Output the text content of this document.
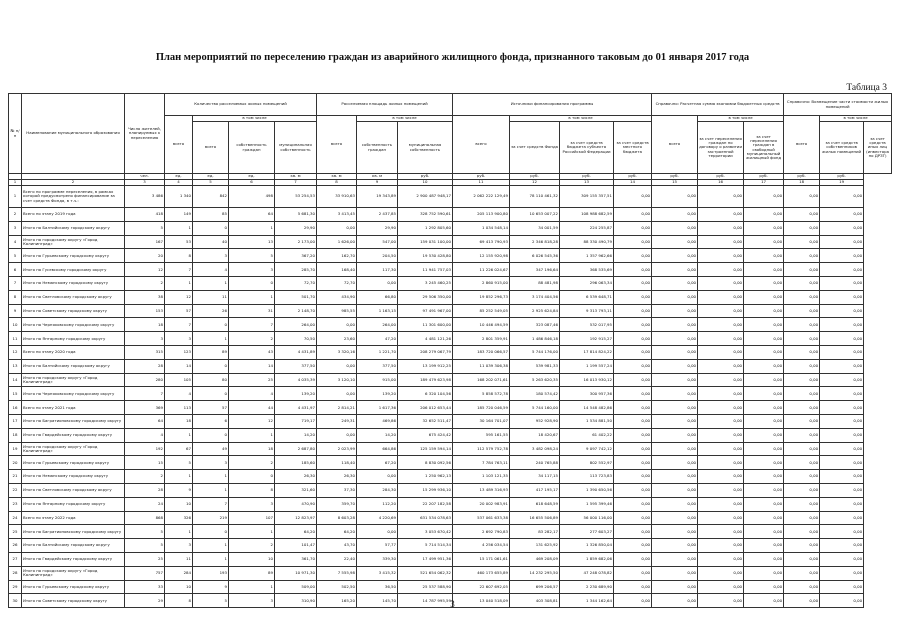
План мероприятий по переселению граждан из аварийного жилищного фонда, признанного таковым до 01 января 2017 года
Таблица 3
№ п/п	Наименование муниципального образования	Число жителей, планируемых к переселению	Количество расселяемых жилых помещений				Расселяемая площадь жилых помещений			Источники финансирования программы				Справочно: Расчетная сумма экономии бюджетных средств			Справочно: Возмещение части стоимости жилых помещений		
			всего	в том числе			всего	в том числе		всего	в том числе			всего	в том числе		всего	в том числе	
				всего	собственность граждан	муниципальная собственность		собственность граждан	муниципальная собственность		за счет средств Фонда	за счет средств бюджета субъекта Российской Федерации	за счет средств местного бюджета		за счет переселения граждан по договору о развитии застроенной территории	за счет переселения граждан в свободный муниципальный жилищный фонд		за счет средств собственников жилых помещений	за счет средств иных лиц (инвестора по ДРЗТ)
		чел.	ед.	ед.	ед.	кв. м	кв. м	кв. м	руб.	руб.	руб.	руб.	руб.	руб.	руб.	руб.	руб.	руб.	
1	2	3	4	5	6	7	8	9	10	11	12	13	14	15	16	17	18	19	
1	Всего по программе переселения, в рамках которой предусмотрено финансирование за счет средств Фонда, в т.ч.:	3 486	1 340	842	498	53 254,53	33 910,63	19 343,89	2 900 487 948,17	2 062 222 129,49	78 110 461,32	309 155 357,51	0,00	0,00	0,00	0,00	0,00	0,00	
2	Всего по этапу 2019 года	418	149	85	64	5 681,30	3 413,45	2 437,85	328 752 590,61	205 113 900,80	10 653 007,22	108 988 682,59	0,00	0,00	0,00	0,00	0,00	0,00	
3	Итого по Балтийскому городскому округу	5	1	0	1	29,90	0,00	29,90	1 292 805,60	1 034 548,14	34 001,59	224 255,87	0,00	0,00	0,00	0,00	0,00	0,00	
4	Итого по городскому округу «Город Калининград»	167	53	40	13	2 173,00	1 626,00	547,00	159 031 100,00	69 413 790,93	2 346 818,28	88 330 490,79	0,00	0,00	0,00	0,00	0,00	0,00	
5	Итого по Гурьевскому городскому округу	20	8	3	5	367,20	162,70	204,50	19 530 428,80	12 155 920,98	6 026 545,36	1 357 962,66	0,00	0,00	0,00	0,00	0,00	0,00	
6	Итого по Гусевскому городскому округу	12	7	4	3	285,70	168,40	117,30	11 941 757,03	11 226 024,67	347 196,64	368 535,69	0,00	0,00	0,00	0,00	0,00	0,00	
7	Итого по Неманскому городскому округу	2	1	1	0	72,70	72,70	0,00	3 245 460,25	2 860 915,00	88 481,98	296 063,34	0,00	0,00	0,00	0,00	0,00	0,00	
8	Итого по Светловскому городскому округу	38	12	11	1	501,70	434,90	66,80	29 506 350,00	19 852 296,73	3 174 404,56	6 539 648,71	0,00	0,00	0,00	0,00	0,00	0,00	
9	Итого по Советскому городскому округу	153	57	26	31	2 148,70	985,55	1 163,15	97 491 967,00	85 252 549,05	2 925 624,84	9 313 793,11	0,00	0,00	0,00	0,00	0,00	0,00	
10	Итого по Черняховскому городскому округу	18	7	0	7	264,00	0,00	264,00	11 301 600,00	10 446 494,59	323 087,46	532 017,95	0,00	0,00	0,00	0,00	0,00	0,00	
11	Итого по Янтарному городскому округу	3	3	1	2	70,50	23,60	47,20	4 481 121,26	2 801 359,91	1 486 846,18	192 915,27	0,00	0,00	0,00	0,00	0,00	0,00	
12	Всего по этапу 2020 года	315	123	89	43	4 431,89	3 320,16	1 221,70	208 279 067,79	183 720 066,57	5 744 176,00	17 814 824,22	0,00	0,00	0,00	0,00	0,00	0,00	
13	Итого по Балтийскому городскому округу	28	14	0	14	377,50	0,00	377,50	13 199 912,25	11 039 306,38	539 981,33	1 199 557,24	0,00	0,00	0,00	0,00	0,00	0,00	
14	Итого по городскому округу «Город Калининград»	280	105	80	25	4 035,39	3 120,10	915,00	189 479 623,98	168 202 071,61	5 263 620,35	16 013 930,12	0,00	0,00	0,00	0,00	0,00	0,00	
15	Итого по Черняховскому городскому округу	7	4	0	4	139,20	0,00	139,20	6 320 104,56	5 858 572,78	180 574,42	300 957,36	0,00	0,00	0,00	0,00	0,00	0,00	
16	Всего по этапу 2021 года	369	113	57	44	4 431,97	2 814,21	1 617,36	206 012 653,44	185 720 046,59	5 744 160,00	14 548 482,86	0,00	0,00	0,00	0,00	0,00	0,00	
17	Итого по Багратионовскому городскому округу	64	18	6	12	719,17	249,31	469,86	32 652 511,47	30 164 701,07	952 928,90	1 534 881,50	0,00	0,00	0,00	0,00	0,00	0,00	
18	Итого по Гвардейскому городскому округу	4	1	0	1	14,20	0,00	14,20	675 424,42	595 161,55	18 420,67	61 402,22	0,00	0,00	0,00	0,00	0,00	0,00	
19	Итого по городскому округу «Город Калининград»	192	67	49	18	2 687,80	2 023,99	664,86	125 159 594,14	112 579 752,78	3 482 098,24	9 097 742,12	0,00	0,00	0,00	0,00	0,00	0,00	
20	Итого по Гурьевскому городскому округу	15	5	3	2	185,60	118,40	67,20	8 830 092,56	7 784 763,11	240 765,88	802 552,97	0,00	0,00	0,00	0,00	0,00	0,00	
21	Итого по Неманскому городскому округу	2	1	1	0	26,30	26,30	0,00	1 250 962,13	1 103 121,35	34 117,15	113 723,83	0,00	0,00	0,00	0,00	0,00	0,00	
22	Итого по Светловскому городскому округу	28	9	1	8	321,60	37,30	284,30	15 299 936,10	13 489 316,93	417 195,17	1 390 650,56	0,00	0,00	0,00	0,00	0,00	0,00	
23	Итого по Янтарному городскому округу	24	10	7	3	470,90	359,70	112,20	22 207 182,58	20 002 983,91	618 648,59	1 595 399,46	0,00	0,00	0,00	0,00	0,00	0,00	
24	Всего по этапу 2022 года	868	326	219	107	12 823,97	8 603,28	4 220,69	631 534 078,63	537 061 633,38	16 655 506,89	56 000 116,00	0,00	0,00	0,00	0,00	0,00	0,00	
25	Итого по Багратионовскому городскому округу	5	1	0	1	64,20	64,20	0,00	3 053 670,42	2 692 790,83	83 282,17	277 603,27	0,00	0,00	0,00	0,00	0,00	0,00	
26	Итого по Балтийскому городскому округу	5	3	1	2	101,47	43,70	57,77	5 714 514,34	4 256 034,54	131 625,92	1 326 850,04	0,00	0,00	0,00	0,00	0,00	0,00	
27	Итого по Гвардейскому городскому округу	25	11	1	10	361,70	22,40	339,30	17 499 951,36	15 171 061,61	469 208,09	1 859 682,06	0,00	0,00	0,00	0,00	0,00	0,00	
28	Итого по городскому округу «Город Калининград»	757	284	193	89	10 971,30	7 555,98	3 415,32	521 654 062,32	460 173 655,89	14 232 295,50	47 248 078,82	0,00	0,00	0,00	0,00	0,00	0,00	
29	Итого по Гурьевскому городскому округу	33	10	9	1	509,00	502,50	36,50	25 537 588,90	22 607 692,05	699 206,57	2 230 689,90	0,00	0,00	0,00	0,00	0,00	0,00	
30	Итого по Советскому городскому округу	29	8	5	3	310,90	165,20	145,70	14 787 995,59	13 040 518,09	403 308,81	1 344 162,64	0,00	0,00	0,00	0,00	0,00	0,00	
3
